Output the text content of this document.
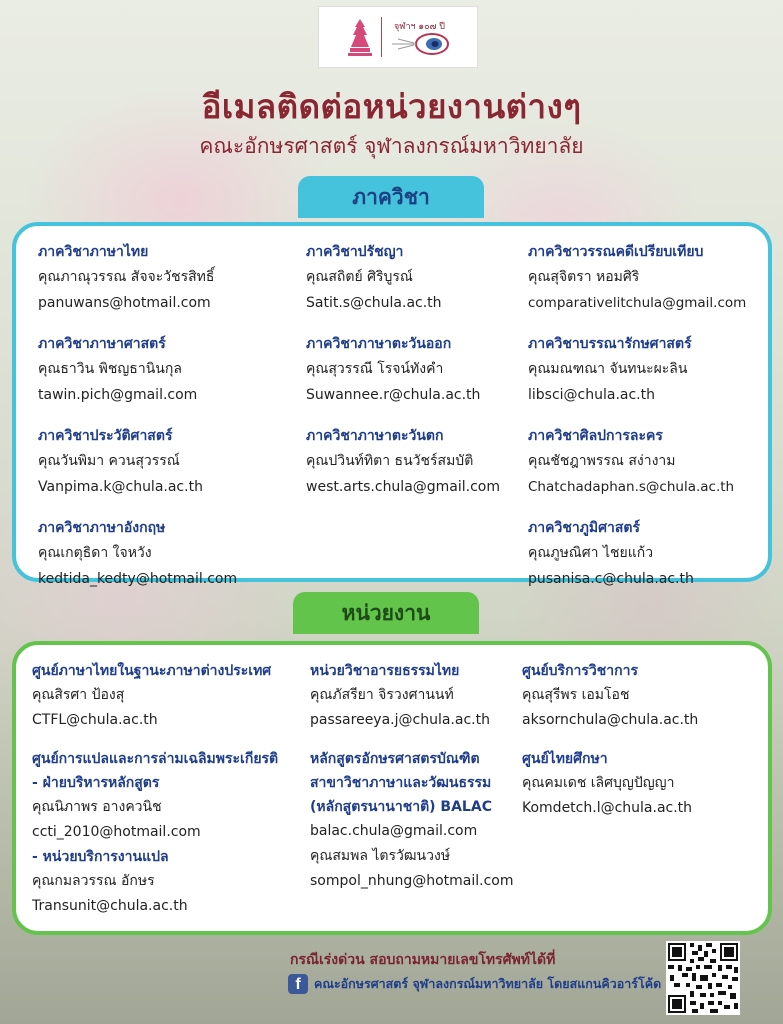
จุฬาฯ ๑๐๗ ปี
อีเมลติดต่อหน่วยงานต่างๆ
คณะอักษรศาสตร์ จุฬาลงกรณ์มหาวิทยาลัย
ภาควิชา
ภาควิชาภาษาไทย
คุณภาณุวรรณ สัจจะวัชรสิทธิ์
panuwans@hotmail.com
ภาควิชาภาษาศาสตร์
คุณธาวิน พิชญธานินกุล
tawin.pich@gmail.com
ภาควิชาประวัติศาสตร์
คุณวันพิมา ควนสุวรรณ์
Vanpima.k@chula.ac.th
ภาควิชาภาษาอังกฤษ
คุณเกตุธิดา ใจหวัง
kedtida_kedty@hotmail.com
ภาควิชาปรัชญา
คุณสถิตย์ ศิริบูรณ์
Satit.s@chula.ac.th
ภาควิชาภาษาตะวันออก
คุณสุวรรณี โรจน์ทังคำ
Suwannee.r@chula.ac.th
ภาควิชาภาษาตะวันตก
คุณปวินท์ทิตา ธนวัชร์สมบัติ
west.arts.chula@gmail.com
ภาควิชาวรรณคดีเปรียบเทียบ
คุณสุจิตรา หอมศิริ
comparativelitchula@gmail.com
ภาควิชาบรรณารักษศาสตร์
คุณมณฑณา จันทนะผะลิน
libsci@chula.ac.th
ภาควิชาศิลปการละคร
คุณชัชฎาพรรณ สง่างาม
Chatchadaphan.s@chula.ac.th
ภาควิชาภูมิศาสตร์
คุณภูษณิศา ไชยแก้ว
pusanisa.c@chula.ac.th
หน่วยงาน
ศูนย์ภาษาไทยในฐานะภาษาต่างประเทศ
คุณสิรศา ป้องสุ
CTFL@chula.ac.th
ศูนย์การแปลและการล่ามเฉลิมพระเกียรติ
- ฝ่ายบริหารหลักสูตร
คุณนิภาพร อางควนิช
ccti_2010@hotmail.com
- หน่วยบริการงานแปล
คุณกมลวรรณ อักษร
Transunit@chula.ac.th
หน่วยวิชาอารยธรรมไทย
คุณภัสรียา จิรวงศานนท์
passareeya.j@chula.ac.th
หลักสูตรอักษรศาสตรบัณฑิต
สาขาวิชาภาษาและวัฒนธรรม
(หลักสูตรนานาชาติ) BALAC
balac.chula@gmail.com
คุณสมพล ไตรวัฒนวงษ์
sompol_nhung@hotmail.com
ศูนย์บริการวิชาการ
คุณสุรีพร เอมโอช
aksornchula@chula.ac.th
ศูนย์ไทยศึกษา
คุณคมเดช เลิศบุญปัญญา
Komdetch.l@chula.ac.th
กรณีเร่งด่วน สอบถามหมายเลขโทรศัพท์ได้ที่
f	คณะอักษรศาสตร์ จุฬาลงกรณ์มหาวิทยาลัย โดยสแกนคิวอาร์โค้ด
